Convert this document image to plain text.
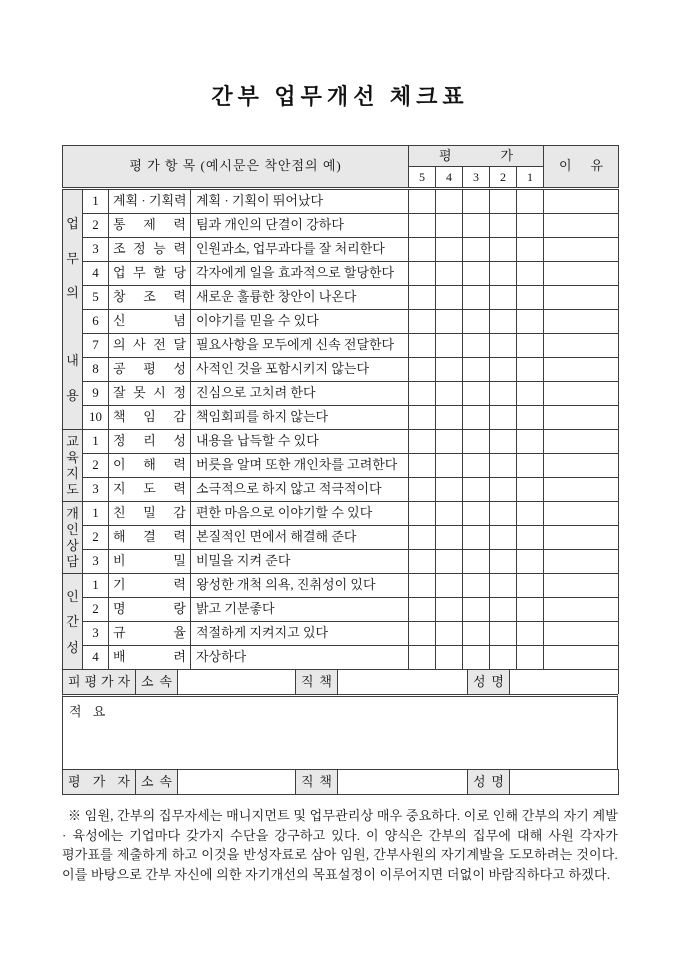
간부 업무개선 체크표
평 가 항 목 (예시문은 착안점의 예)				평 가					이 유
				5	4	3	2	1	

업
무
의

내
용	1	계획 · 기획력	계획 · 기획이 뛰어났다						
	2	통 제 력	팀과 개인의 단결이 강하다						
	3	조 정 능 력	인원과소, 업무과다를 잘 처리한다						
	4	업 무 할 당	각자에게 일을 효과적으로 할당한다						
	5	창 조 력	새로운 훌륭한 창안이 나온다						
	6	신 념	이야기를 믿을 수 있다						
	7	의 사 전 달	필요사항을 모두에게 신속 전달한다						
	8	공 평 성	사적인 것을 포함시키지 않는다						
	9	잘 못 시 정	진심으로 고치려 한다						
	10	책 임 감	책임회피를 하지 않는다						

교
육
지
도	1	정 리 성	내용을 납득할 수 있다						
	2	이 해 력	버릇을 알며 또한 개인차를 고려한다						
	3	지 도 력	소극적으로 하지 않고 적극적이다						

개
인
상
담	1	친 밀 감	편한 마음으로 이야기할 수 있다						
	2	해 결 력	본질적인 면에서 해결해 준다						
	3	비 밀	비밀을 지켜 준다						

인
간
성	1	기 력	왕성한 개척 의욕, 진취성이 있다						
	2	명 랑	밝고 기분좋다						
	3	규 율	적절하게 지켜지고 있다						
	4	배 려	자상하다						
피 평 가 자	소 속		직 책		성 명	
적 요
평 가 자	소 속		직 책		성 명	

※ 임원, 간부의 집무자세는 매니지먼트 및 업무관리상 매우 중요하다. 이로 인해 간부의 자기 계발 · 육성에는 기업마다 갖가지 수단을 강구하고 있다. 이 양식은 간부의 집무에 대해 사원 각자가 평가표를 제출하게 하고 이것을 반성자료로 삼아 임원, 간부사원의 자기계발을 도모하려는 것이다. 이를 바탕으로 간부 자신에 의한 자기개선의 목표설정이 이루어지면 더없이 바람직하다고 하겠다.
